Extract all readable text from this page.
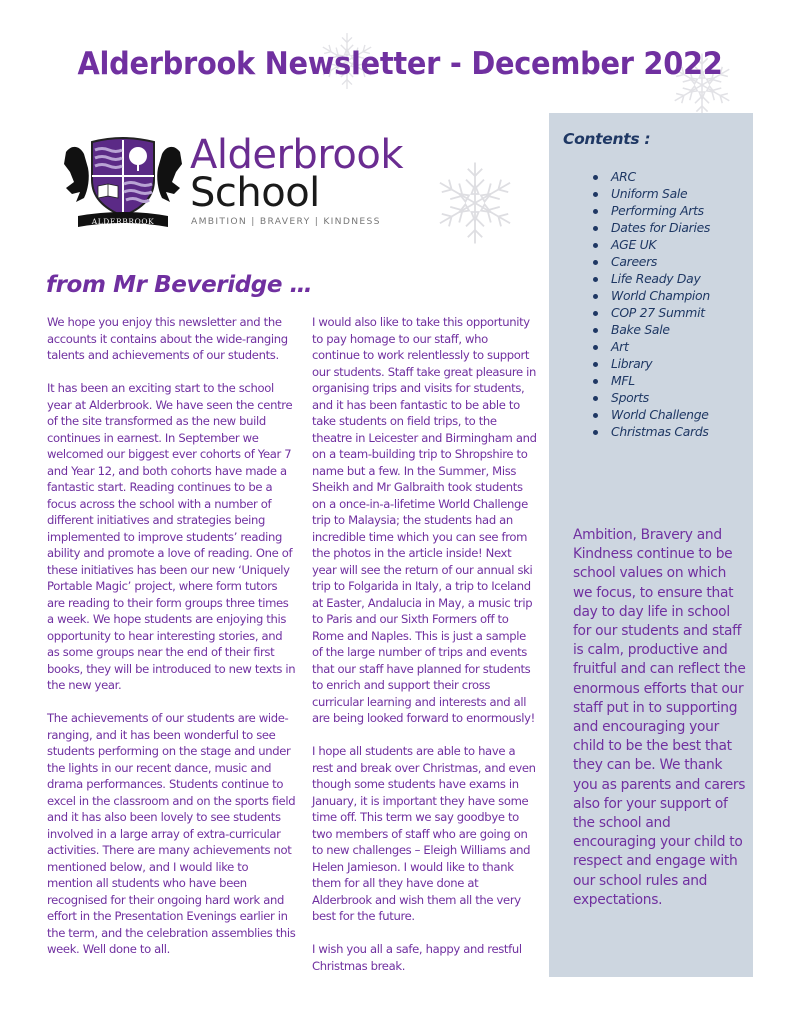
Alderbrook Newsletter - December 2022
ALDERBROOK
Alderbrook
School
AMBITION | BRAVERY | KINDNESS
from Mr Beveridge …

We hope you enjoy this newsletter and the accounts it contains about the wide-ranging talents and achievements of our students.

It has been an exciting start to the school year at Alderbrook. We have seen the centre of the site transformed as the new build continues in earnest. In September we welcomed our biggest ever cohorts of Year 7 and Year 12, and both cohorts have made a fantastic start. Reading continues to be a focus across the school with a number of different initiatives and strategies being implemented to improve students’ reading ability and promote a love of reading. One of these initiatives has been our new ‘Uniquely Portable Magic’ project, where form tutors are reading to their form groups three times a week. We hope students are enjoying this opportunity to hear interesting stories, and as some groups near the end of their first books, they will be introduced to new texts in the new year.

The achievements of our students are wide-ranging, and it has been wonderful to see students performing on the stage and under the lights in our recent dance, music and drama performances. Students continue to excel in the classroom and on the sports field and it has also been lovely to see students involved in a large array of extra-curricular activities. There are many achievements not mentioned below, and I would like to mention all students who have been recognised for their ongoing hard work and effort in the Presentation Evenings earlier in the term, and the celebration assemblies this week. Well done to all.

I would also like to take this opportunity to pay homage to our staff, who continue to work relentlessly to support our students. Staff take great pleasure in organising trips and visits for students, and it has been fantastic to be able to take students on field trips, to the theatre in Leicester and Birmingham and on a team-building trip to Shropshire to name but a few. In the Summer, Miss Sheikh and Mr Galbraith took students on a once-in-a-lifetime World Challenge trip to Malaysia; the students had an incredible time which you can see from the photos in the article inside! Next year will see the return of our annual ski trip to Folgarida in Italy, a trip to Iceland at Easter, Andalucia in May, a music trip to Paris and our Sixth Formers off to Rome and Naples. This is just a sample of the large number of trips and events that our staff have planned for students to enrich and support their cross curricular learning and interests and all are being looked forward to enormously!

I hope all students are able to have a rest and break over Christmas, and even though some students have exams in January, it is important they have some time off. This term we say goodbye to two members of staff who are going on to new challenges – Eleigh Williams and Helen Jamieson. I would like to thank them for all they have done at Alderbrook and wish them all the very best for the future.

I wish you all a safe, happy and restful Christmas break.

Contents :
ARC
Uniform Sale
Performing Arts
Dates for Diaries
AGE UK
Careers
Life Ready Day
World Champion
COP 27 Summit
Bake Sale
Art
Library
MFL
Sports
World Challenge
Christmas Cards

Ambition, Bravery and Kindness continue to be school values on which we focus, to ensure that day to day life in school for our students and staff is calm, productive and fruitful and can reflect the enormous efforts that our staff put in to supporting and encouraging your child to be the best that they can be. We thank you as parents and carers also for your support of the school and encouraging your child to respect and engage with our school rules and expectations.
